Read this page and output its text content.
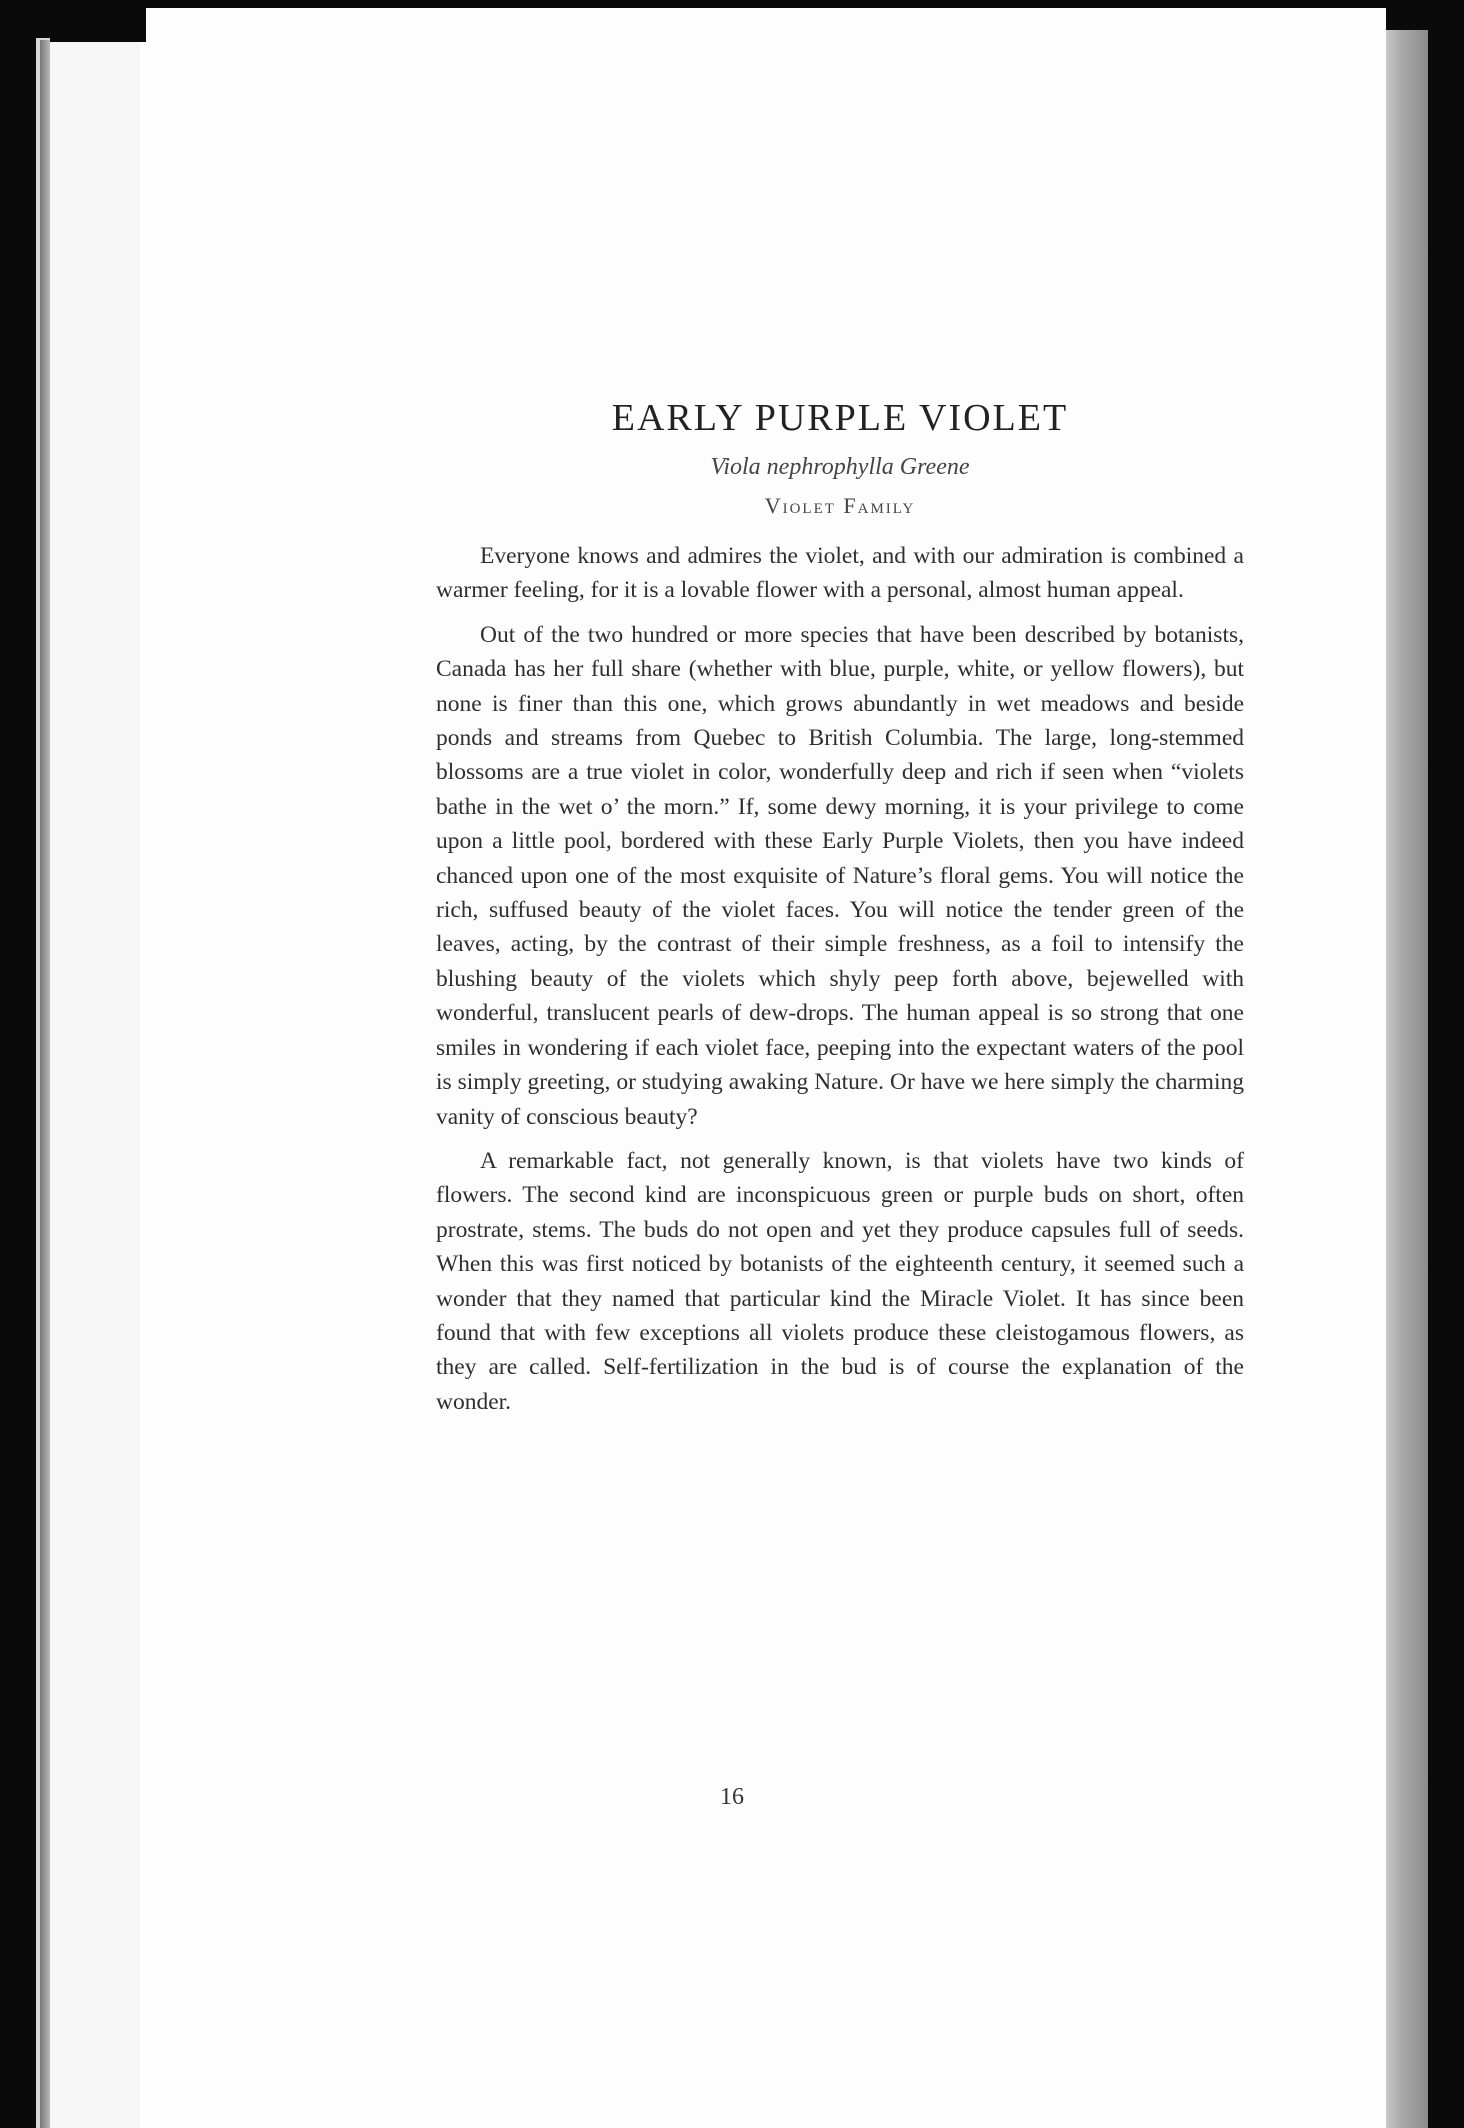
EARLY PURPLE VIOLET
Viola nephrophylla Greene
Violet Family

Everyone knows and admires the violet, and with our admiration is combined a warmer feeling, for it is a lovable flower with a personal, almost human appeal.

Out of the two hundred or more species that have been described by botanists, Canada has her full share (whether with blue, purple, white, or yellow flowers), but none is finer than this one, which grows abundantly in wet meadows and beside ponds and streams from Quebec to British Columbia. The large, long-stemmed blossoms are a true violet in color, wonderfully deep and rich if seen when “violets bathe in the wet o’ the morn.” If, some dewy morning, it is your privilege to come upon a little pool, bordered with these Early Purple Violets, then you have indeed chanced upon one of the most exquisite of Nature’s floral gems. You will notice the rich, suffused beauty of the violet faces. You will notice the tender green of the leaves, acting, by the contrast of their simple freshness, as a foil to intensify the blushing beauty of the violets which shyly peep forth above, bejewelled with wonderful, translucent pearls of dew-drops. The human appeal is so strong that one smiles in wondering if each violet face, peeping into the expectant waters of the pool is simply greeting, or studying awaking Nature. Or have we here simply the charming vanity of conscious beauty?

A remarkable fact, not generally known, is that violets have two kinds of flowers. The second kind are inconspicuous green or purple buds on short, often prostrate, stems. The buds do not open and yet they produce capsules full of seeds. When this was first noticed by botanists of the eighteenth century, it seemed such a wonder that they named that particular kind the Miracle Violet. It has since been found that with few exceptions all violets produce these cleistogamous flowers, as they are called. Self-fertilization in the bud is of course the explanation of the wonder.

16
